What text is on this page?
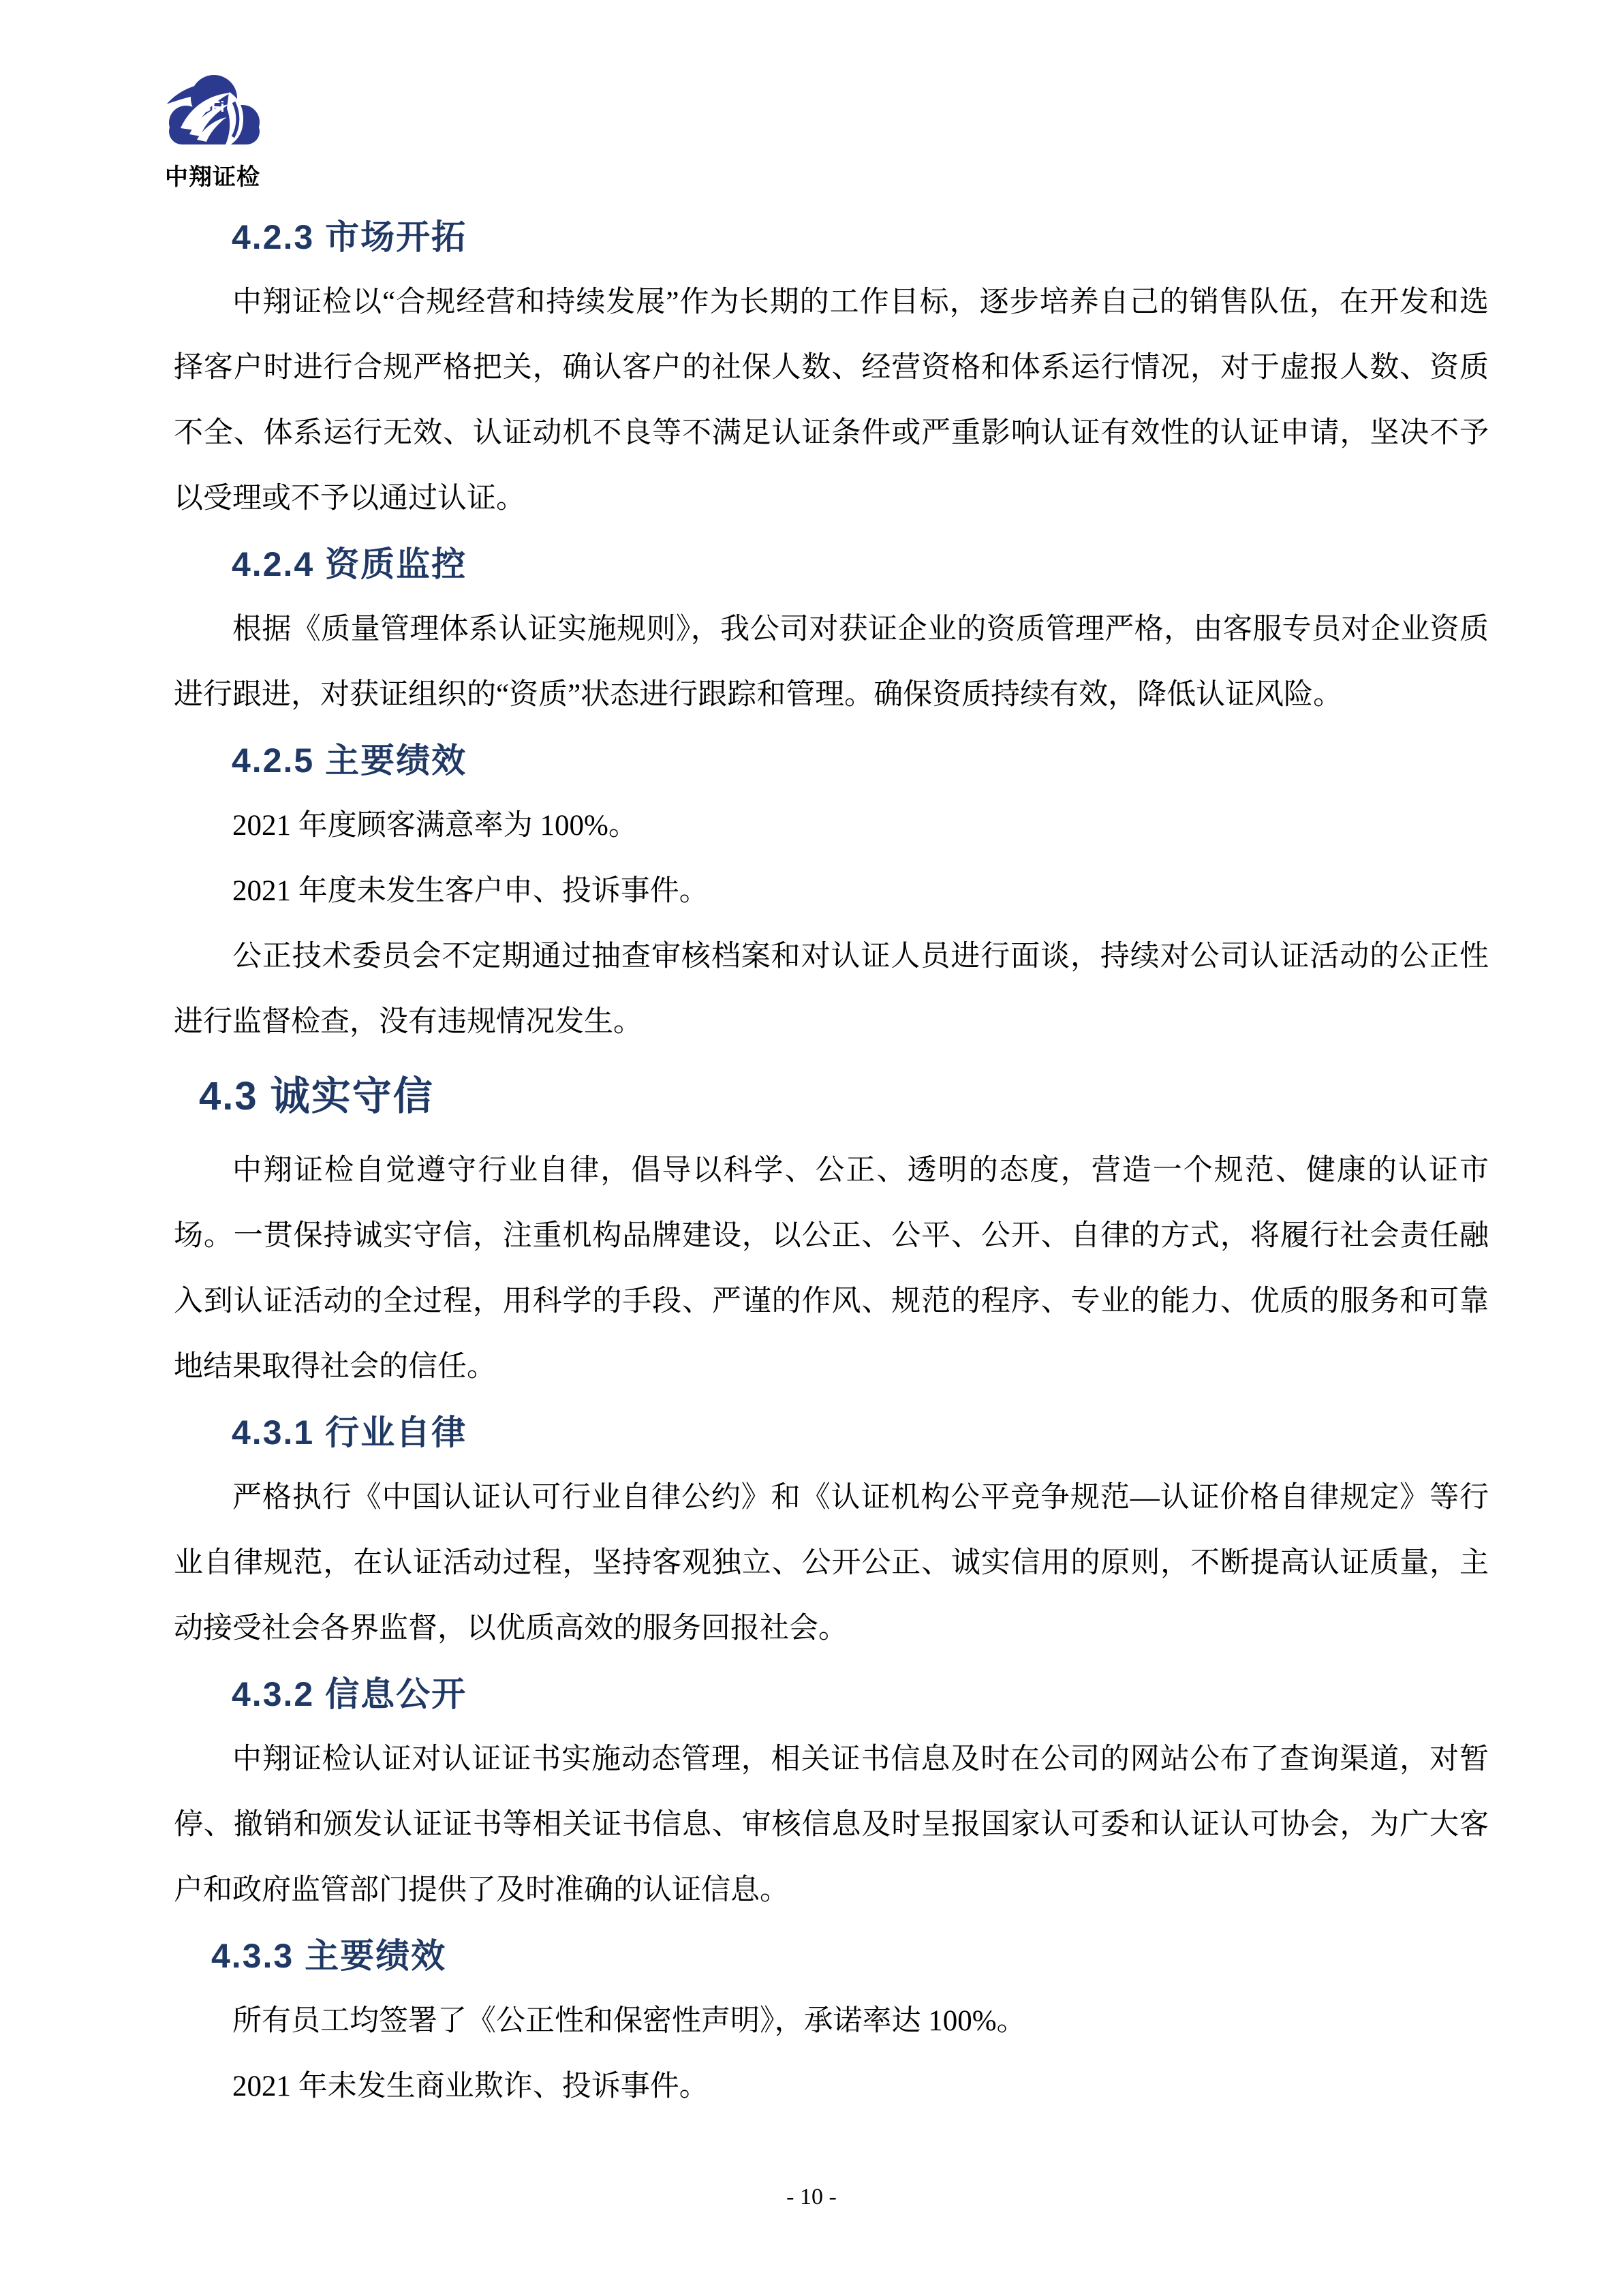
CFi
中翔证检
4.2.3 市场开拓

中翔证检以“合规经营和持续发展”作为长期的工作目标，逐步培养自己的销售队伍，在开发和选择客户时进行合规严格把关，确认客户的社保人数、经营资格和体系运行情况，对于虚报人数、资质不全、体系运行无效、认证动机不良等不满足认证条件或严重影响认证有效性的认证申请，坚决不予以受理或不予以通过认证。

4.2.4 资质监控

根据《质量管理体系认证实施规则》，我公司对获证企业的资质管理严格，由客服专员对企业资质进行跟进，对获证组织的“资质”状态进行跟踪和管理。确保资质持续有效，降低认证风险。

4.2.5 主要绩效

2021 年度顾客满意率为 100%。

2021 年度未发生客户申、投诉事件。

公正技术委员会不定期通过抽查审核档案和对认证人员进行面谈，持续对公司认证活动的公正性进行监督检查，没有违规情况发生。

4.3 诚实守信

中翔证检自觉遵守行业自律，倡导以科学、公正、透明的态度，营造一个规范、健康的认证市场。一贯保持诚实守信，注重机构品牌建设，以公正、公平、公开、自律的方式，将履行社会责任融入到认证活动的全过程，用科学的手段、严谨的作风、规范的程序、专业的能力、优质的服务和可靠地结果取得社会的信任。

4.3.1 行业自律

严格执行《中国认证认可行业自律公约》和《认证机构公平竞争规范—认证价格自律规定》等行业自律规范，在认证活动过程，坚持客观独立、公开公正、诚实信用的原则，不断提高认证质量，主动接受社会各界监督，以优质高效的服务回报社会。

4.3.2 信息公开

中翔证检认证对认证证书实施动态管理，相关证书信息及时在公司的网站公布了查询渠道，对暂停、撤销和颁发认证证书等相关证书信息、审核信息及时呈报国家认可委和认证认可协会，为广大客户和政府监管部门提供了及时准确的认证信息。

4.3.3 主要绩效

所有员工均签署了《公正性和保密性声明》，承诺率达 100%。

2021 年未发生商业欺诈、投诉事件。

- 10 -
